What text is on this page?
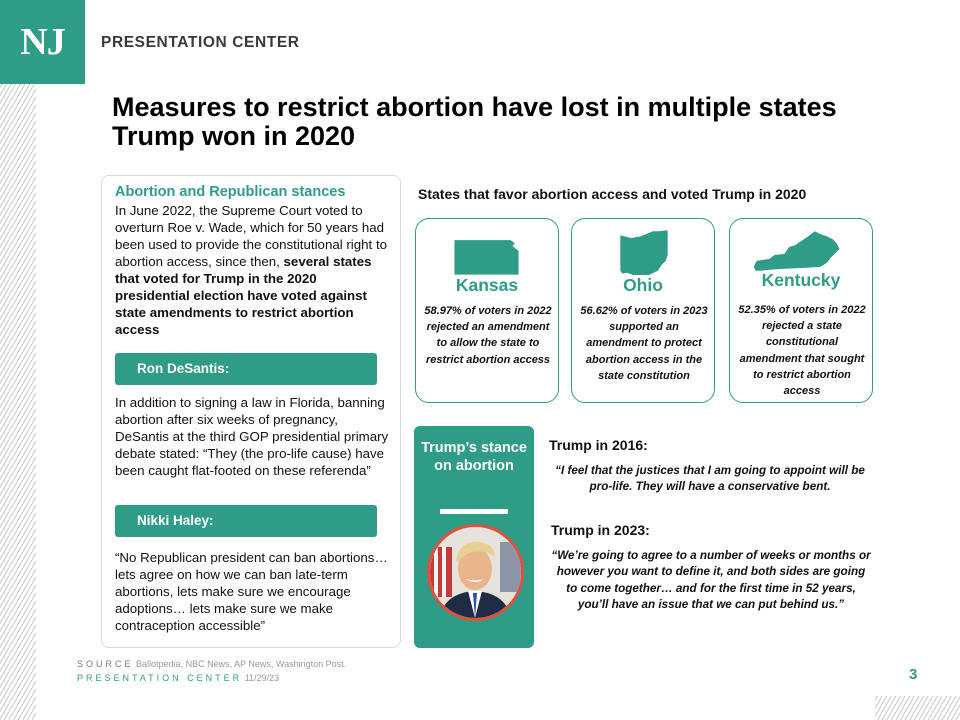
NJ	PRESENTATION CENTER
Measures to restrict abortion have lost in multiple states Trump won in 2020
Abortion and Republican stances

In June 2022, the Supreme Court voted to overturn Roe v. Wade, which for 50 years had been used to provide the constitutional right to abortion access, since then, several states that voted for Trump in the 2020 presidential election have voted against state amendments to restrict abortion access

Ron DeSantis:

In addition to signing a law in Florida, banning abortion after six weeks of pregnancy, DeSantis at the third GOP presidential primary debate stated: “They (the pro-life cause) have been caught flat-footed on these referenda”

Nikki Haley:

“No Republican president can ban abortions… lets agree on how we can ban late-term abortions, lets make sure we encourage adoptions… lets make sure we make contraception accessible”

States that favor abortion access and voted Trump in 2020
Kansas
58.97% of voters in 2022 rejected an amendment to allow the state to restrict abortion access
Ohio
56.62% of voters in 2023 supported an amendment to protect abortion access in the state constitution
Kentucky
52.35% of voters in 2022 rejected a state constitutional amendment that sought to restrict abortion access
Trump’s stance on abortion
Trump in 2016:
“I feel that the justices that I am going to appoint will be pro-life. They will have a conservative bent.
Trump in 2023:
“We’re going to agree to a number of weeks or months or however you want to define it, and both sides are going to come together… and for the first time in 52 years, you’ll have an issue that we can put behind us.”
SOURCE Ballotpedia, NBC News, AP News, Washington Post.
PRESENTATION CENTER 11/29/23	3
